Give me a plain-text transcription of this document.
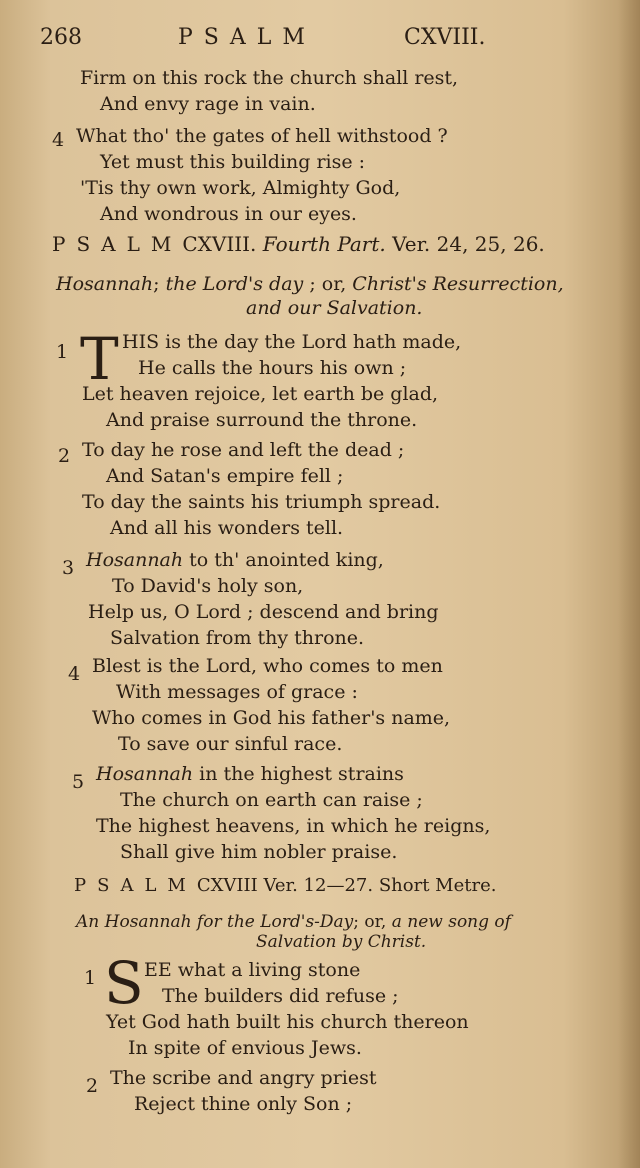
268	PSALM	CXVIII.
Firm on this rock the church shall rest,
And envy rage in vain.
4 What tho' the gates of hell withstood ?
Yet must this building rise :
'Tis thy own work, Almighty God,
And wondrous in our eyes.
PSALMCXVIII. Fourth Part. Ver. 24, 25, 26.
Hosannah; the Lord's day ; or, Christ's Resurrection,
and our Salvation.
1 T HIS is the day the Lord hath made,
He calls the hours his own ;
Let heaven rejoice, let earth be glad,
And praise surround the throne.
2 To day he rose and left the dead ;
And Satan's empire fell ;
To day the saints his triumph spread.
And all his wonders tell.
3 Hosannah to th' anointed king,
To David's holy son,
Help us, O Lord ; descend and bring
Salvation from thy throne.
4 Blest is the Lord, who comes to men
With messages of grace :
Who comes in God his father's name,
To save our sinful race.
5 Hosannah in the highest strains
The church on earth can raise ;
The highest heavens, in which he reigns,
Shall give him nobler praise.
PSALMCXVIII Ver. 12—27. Short Metre.
An Hosannah for the Lord's-Day; or, a new song of
Salvation by Christ.
1 S EE what a living stone
The builders did refuse ;
Yet God hath built his church thereon
In spite of envious Jews.
2 The scribe and angry priest
Reject thine only Son ;
